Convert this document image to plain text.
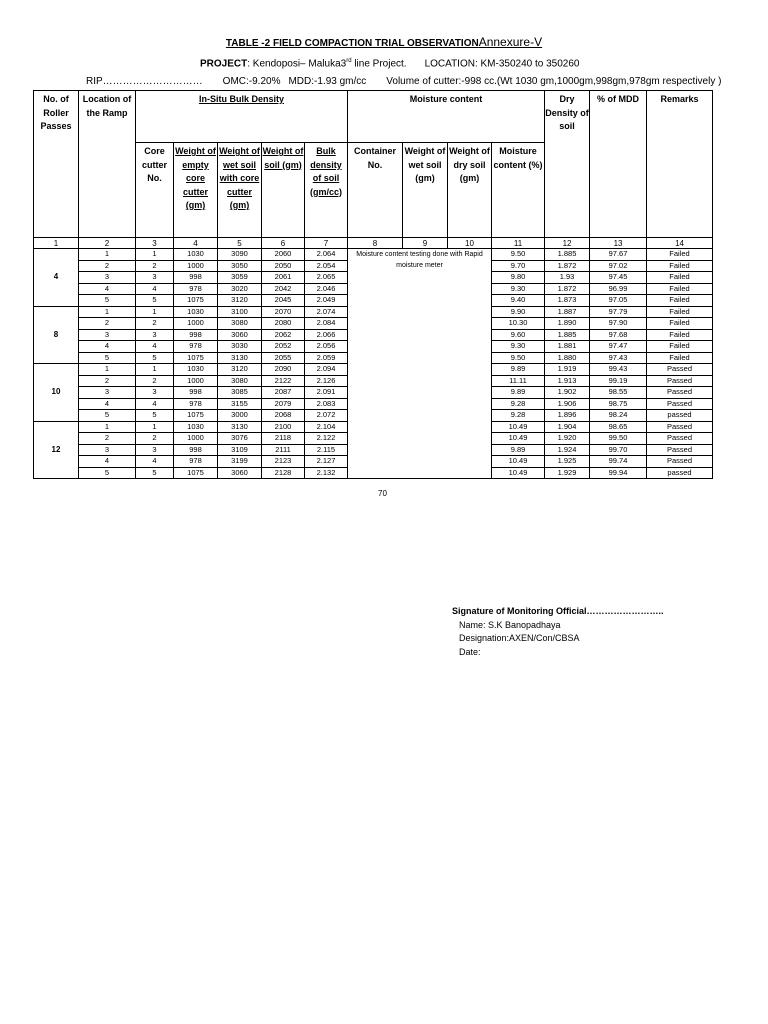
TABLE -2 FIELD COMPACTION TRIAL OBSERVATIONAnnexure-V
PROJECT: Kendoposi– Maluka3rd line Project. LOCATION: KM-350240 to 350260
RIP………………………… OMC:-9.20% MDD:-1.93 gm/cc Volume of cutter:-998 cc.(Wt 1030 gm,1000gm,998gm,978gm respectively )
No. of Roller Passes	Location of the Ramp	In-Situ Bulk Density					Moisture content				Dry Density of soil	% of MDD	Remarks
		Core cutter No.	Weight of empty core cutter (gm)	Weight of wet soil with core cutter (gm)	Weight of soil (gm)	Bulk density of soil (gm/cc)	Container No.	Weight of wet soil (gm)	Weight of dry soil (gm)	Moisture content (%)			
1	2	3	4	5	6	7	8	9	10	11	12	13	14
4	1	1	1030	3090	2060	2.064	Moisture content testing done with Rapid moisture meter			9.50	1.885	97.67	Failed
	2	2	1000	3050	2050	2.054				9.70	1.872	97.02	Failed
	3	3	998	3059	2061	2.065				9.80	1.93	97.45	Failed
	4	4	978	3020	2042	2.046				9.30	1.872	96.99	Failed
	5	5	1075	3120	2045	2.049				9.40	1.873	97.05	Failed
8	1	1	1030	3100	2070	2.074				9.90	1.887	97.79	Failed
	2	2	1000	3080	2080	2.084				10.30	1.890	97.90	Failed
	3	3	998	3060	2062	2.066				9.60	1.885	97.68	Failed
	4	4	978	3030	2052	2.056				9.30	1.881	97.47	Failed
	5	5	1075	3130	2055	2.059				9.50	1.880	97.43	Failed
10	1	1	1030	3120	2090	2.094				9.89	1.919	99.43	Passed
	2	2	1000	3080	2122	2.126				11.11	1.913	99.19	Passed
	3	3	998	3085	2087	2.091				9.89	1.902	98.55	Passed
	4	4	978	3155	2079	2.083				9.28	1.906	98.75	Passed
	5	5	1075	3000	2068	2.072				9.28	1.896	98.24	passed
12	1	1	1030	3130	2100	2.104				10.49	1.904	98.65	Passed
	2	2	1000	3076	2118	2.122				10.49	1.920	99.50	Passed
	3	3	998	3109	2111	2.115				9.89	1.924	99.70	Passed
	4	4	978	3199	2123	2.127				10.49	1.925	99.74	Passed
	5	5	1075	3060	2128	2.132				10.49	1.929	99.94	passed
70
Signature of Monitoring Official……………………..
Name: S.K Banopadhaya
Designation:AXEN/Con/CBSA
Date:
